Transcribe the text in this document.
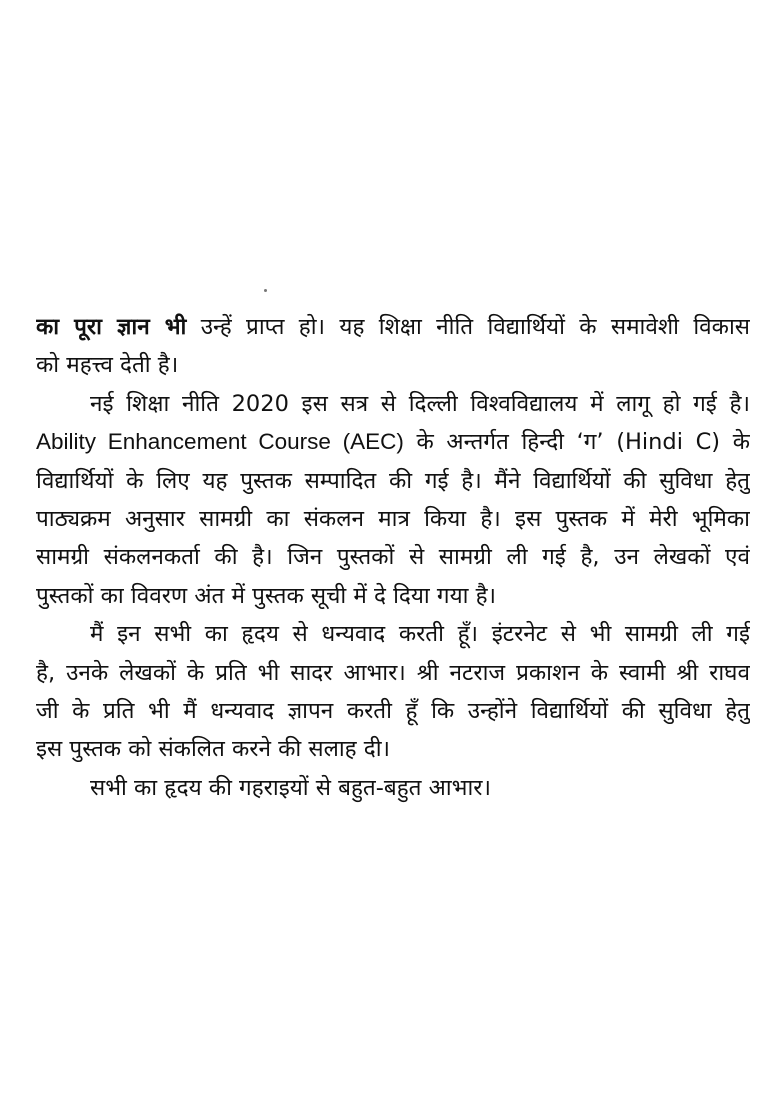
का पूरा ज्ञान भी उन्हें प्राप्त हो। यह शिक्षा नीति विद्यार्थियों के समावेशी विकास
को महत्त्व देती है।
नई शिक्षा नीति 2020 इस सत्र से दिल्ली विश्वविद्यालय में लागू हो गई है।
Ability Enhancement Course (AEC) के अन्तर्गत हिन्दी ‘ग’ (Hindi C) के
विद्यार्थियों के लिए यह पुस्तक सम्पादित की गई है। मैंने विद्यार्थियों की सुविधा हेतु
पाठ्यक्रम अनुसार सामग्री का संकलन मात्र किया है। इस पुस्तक में मेरी भूमिका
सामग्री संकलनकर्ता की है। जिन पुस्तकों से सामग्री ली गई है, उन लेखकों एवं
पुस्तकों का विवरण अंत में पुस्तक सूची में दे दिया गया है।
मैं इन सभी का हृदय से धन्यवाद करती हूँ। इंटरनेट से भी सामग्री ली गई
है, उनके लेखकों के प्रति भी सादर आभार। श्री नटराज प्रकाशन के स्वामी श्री राघव
जी के प्रति भी मैं धन्यवाद ज्ञापन करती हूँ कि उन्होंने विद्यार्थियों की सुविधा हेतु
इस पुस्तक को संकलित करने की सलाह दी।
सभी का हृदय की गहराइयों से बहुत-बहुत आभार।
